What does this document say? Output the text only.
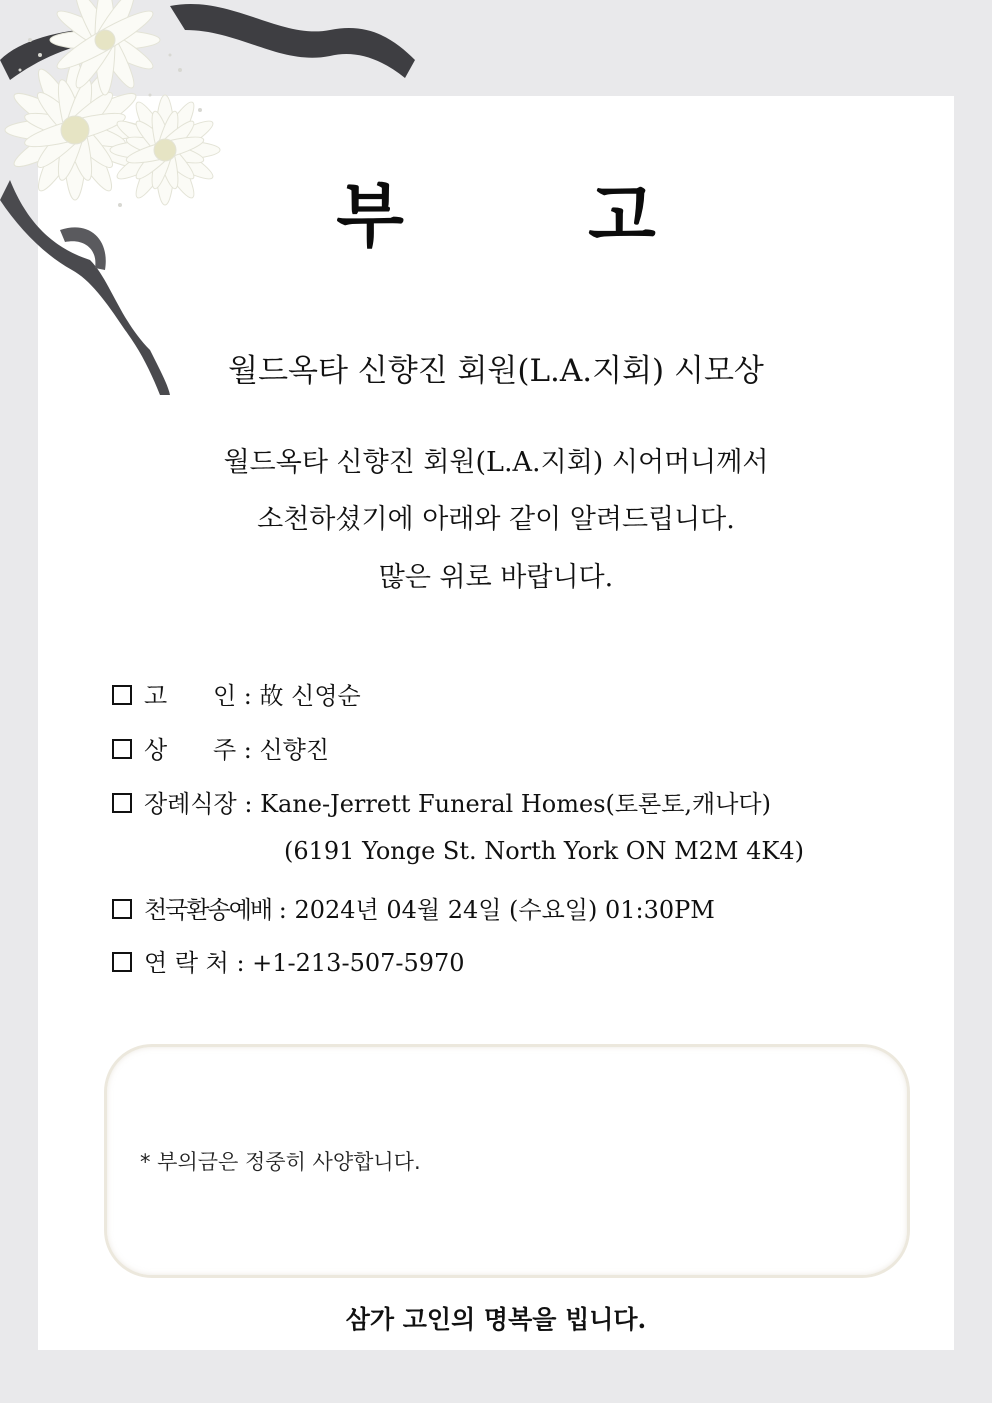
부 고
월드옥타 신향진 회원(L.A.지회) 시모상
월드옥타 신향진 회원(L.A.지회) 시어머니께서
소천하셨기에 아래와 같이 알려드립니다.
많은 위로 바랍니다.
고      인 : 故 신영순
상      주 : 신향진
장례식장 : Kane-Jerrett Funeral Homes(토론토,캐나다)
(6191 Yonge St. North York ON M2M 4K4)
천국환송예배 : 2024년 04월 24일 (수요일) 01:30PM
연 락 처 : +1-213-507-5970
* 부의금은 정중히 사양합니다.
삼가 고인의 명복을 빕니다.
